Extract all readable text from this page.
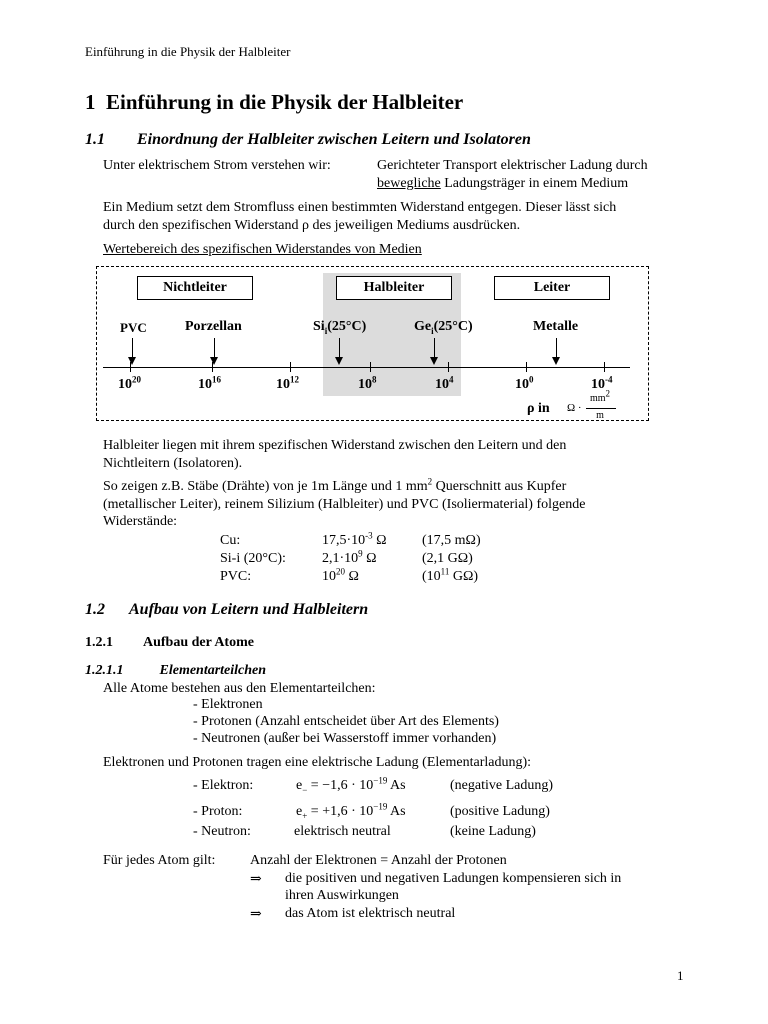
Einführung in die Physik der Halbleiter
1 Einführung in die Physik der Halbleiter
1.1 Einordnung der Halbleiter zwischen Leitern und Isolatoren
Unter elektrischem Strom verstehen wir:	Gerichteter Transport elektrischer Ladung durch
bewegliche Ladungsträger in einem Medium
Ein Medium setzt dem Stromfluss einen bestimmten Widerstand entgegen. Dieser lässt sich
durch den spezifischen Widerstand ρ des jeweiligen Mediums ausdrücken.
Wertebereich des spezifischen Widerstandes von Medien
Nichtleiter	Halbleiter	Leiter
PVC	Porzellan	$Si_i(25^\circ C)$	$Ge_i(25^\circ C)$	Metalle
$10^{20}$	$10^{16}$	$10^{12}$	$10^8$	$10^4$	$10^0$	$10^{-4}$
ρ in Ω ·
$mm^2$
m
Halbleiter liegen mit ihrem spezifischen Widerstand zwischen den Leitern und den
Nichtleitern (Isolatoren).
So zeigen z.B. Stäbe (Drähte) von je 1m Länge und 1 $mm^2$ Querschnitt aus Kupfer
(metallischer Leiter), reinem Silizium (Halbleiter) und PVC (Isoliermaterial) folgende
Widerstände:
Cu:	$17,5\cdot 10^{-3}$ Ω	(17,5 mΩ)
Si-i (20°C):	$2,1\cdot 10^9$ Ω	(2,1 GΩ)
PVC:	$10^{20}$ Ω	($10^{11}$ GΩ)
1.2 Aufbau von Leitern und Halbleitern
1.2.1 Aufbau der Atome
1.2.1.1	Elementarteilchen
Alle Atome bestehen aus den Elementarteilchen:
- Elektronen
- Protonen (Anzahl entscheidet über Art des Elements)
- Neutronen (außer bei Wasserstoff immer vorhanden)
Elektronen und Protonen tragen eine elektrische Ladung (Elementarladung):
- Elektron:	$e_- = -1,6 \cdot 10^{-19}$ As	(negative Ladung)
- Proton:	$e_+ = +1,6 \cdot 10^{-19}$ As	(positive Ladung)
- Neutron:	elektrisch neutral	(keine Ladung)
Für jedes Atom gilt: Anzahl der Elektronen = Anzahl der Protonen
⇒ die positiven und negativen Ladungen kompensieren sich in
ihren Auswirkungen
⇒ das Atom ist elektrisch neutral
1
